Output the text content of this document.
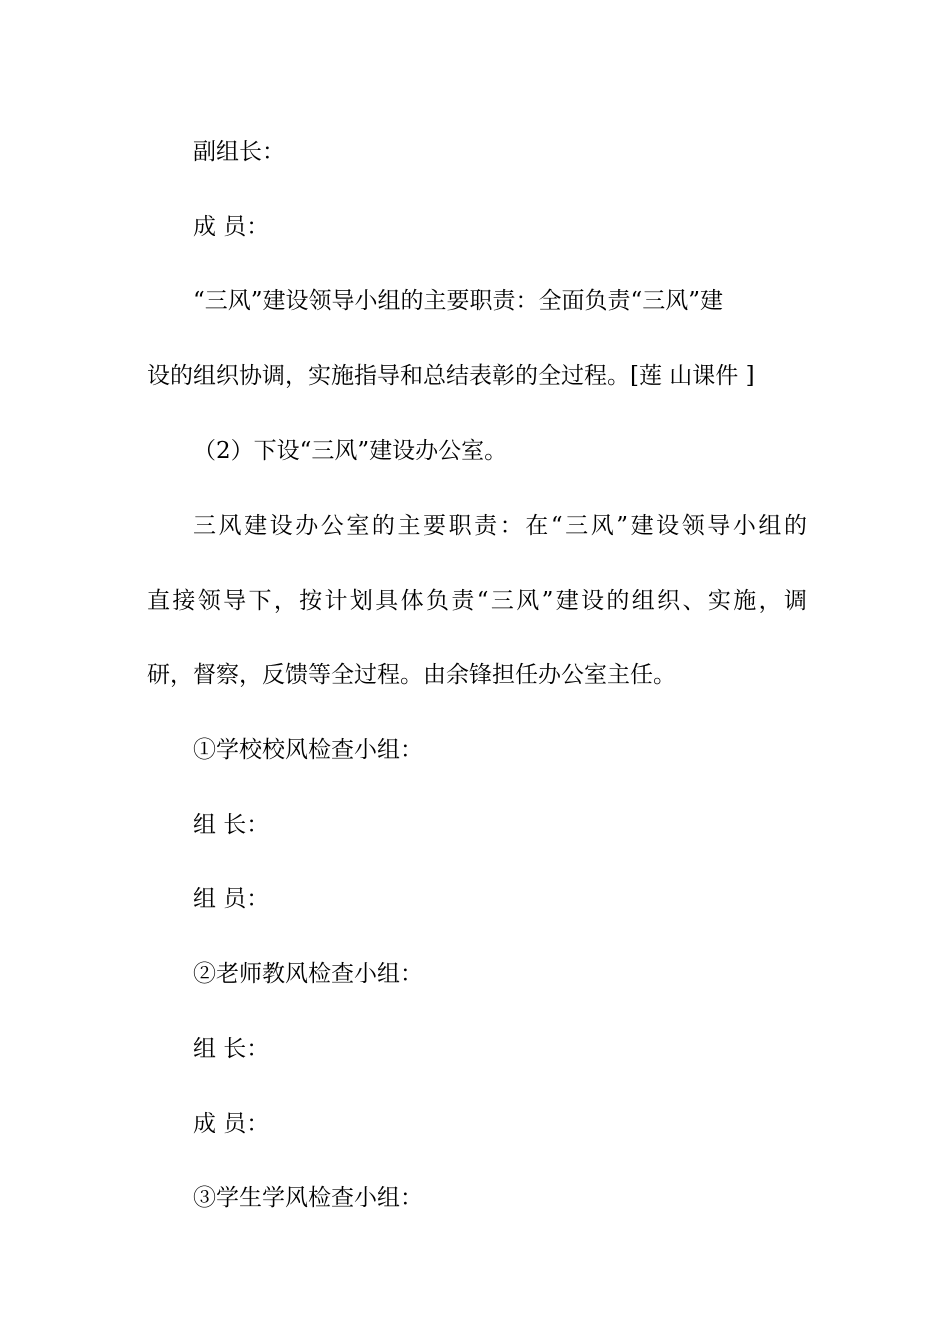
副组长：
成 员：
“三风”建设领导小组的主要职责：全面负责“三风”建
设的组织协调，实施指导和总结表彰的全过程。[莲 山课件 ]
（2）下设“三风”建设办公室。
三风建设办公室的主要职责：在“三风”建设领导小组的
直接领导下，按计划具体负责“三风”建设的组织、实施，调
研，督察，反馈等全过程。由余锋担任办公室主任。
①学校校风检查小组：
组 长：
组 员：
②老师教风检查小组：
组 长：
成 员：
③学生学风检查小组：
